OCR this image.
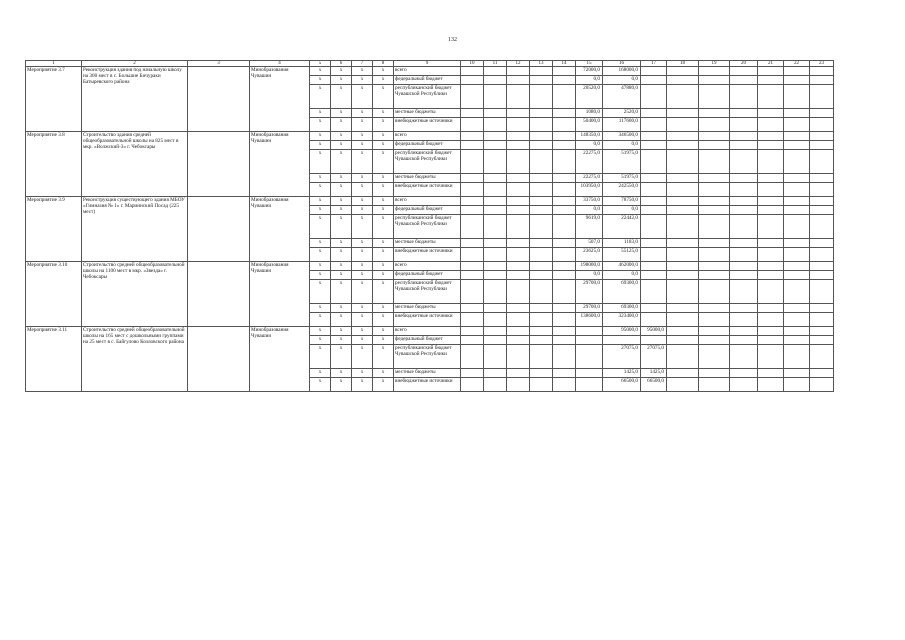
132
1	2	3	4	5	6	7	8	9	10	11	12	13	14	15	16	17	18	19	20	21	22	23
Мероприятие 3.7	Реконструкция здания под начальную школу на 300 мест в с. Большие Бичураки Батыревского района		Минобразования Чувашии	x	x	x	x	всего						72000,0	168000,0							
				x	x	x	x	федеральный бюджет						0,0	0,0							
				x	x	x	x	республиканский бюджет Чувашской Республики						20520,0	47880,0							
				x	x	x	x	местные бюджеты						1080,0	2520,0							
				x	x	x	x	внебюджетные источники						50400,0	117600,0							
Мероприятие 3.8	Строительство здания средней общеобразовательной школы на 825 мест в мкр. «Волжский-3» г. Чебоксары		Минобразования Чувашии	x	x	x	x	всего						148350,0	346500,0							
				x	x	x	x	федеральный бюджет						0,0	0,0							
				x	x	x	x	республиканский бюджет Чувашской Республики						22275,0	51975,0							
				x	x	x	x	местные бюджеты						22275,0	51975,0							
				x	x	x	x	внебюджетные источники						103950,0	242550,0							
Мероприятие 3.9	Реконструкция существующего здания МБОУ «Гимназия № 1» г. Мариинский Посад (225 мест)		Минобразования Чувашии	x	x	x	x	всего						33750,0	78750,0							
				x	x	x	x	федеральный бюджет						0,0	0,0							
				x	x	x	x	республиканский бюджет Чувашской Республики						9619,0	22442,0							
				x	x	x	x	местные бюджеты						507,0	1183,0							
				x	x	x	x	внебюджетные источники						23625,0	55125,0							
Мероприятие 3.10	Строительство средней общеобразовательной школы на 1100 мест в мкр. «Звезда» г. Чебоксары		Минобразования Чувашии	x	x	x	x	всего						198000,0	462000,0							
				x	x	x	x	федеральный бюджет						0,0	0,0							
				x	x	x	x	республиканский бюджет Чувашской Республики						29700,0	69300,0							
				x	x	x	x	местные бюджеты						29700,0	69300,0							
				x	x	x	x	внебюджетные источники						138600,0	323400,0							
Мероприятие 3.11	Строительство средней общеобразовательной школы на 165 мест с дошкольными группами на 25 мест в с. Байгулово Козловского района		Минобразования Чувашии	x	x	x	x	всего							95000,0	95000,0						
				x	x	x	x	федеральный бюджет														
				x	x	x	x	республиканский бюджет Чувашской Республики							27075,0	27075,0						
				x	x	x	x	местные бюджеты							1425,0	1425,0						
				x	x	x	x	внебюджетные источники							66500,0	66500,0						
